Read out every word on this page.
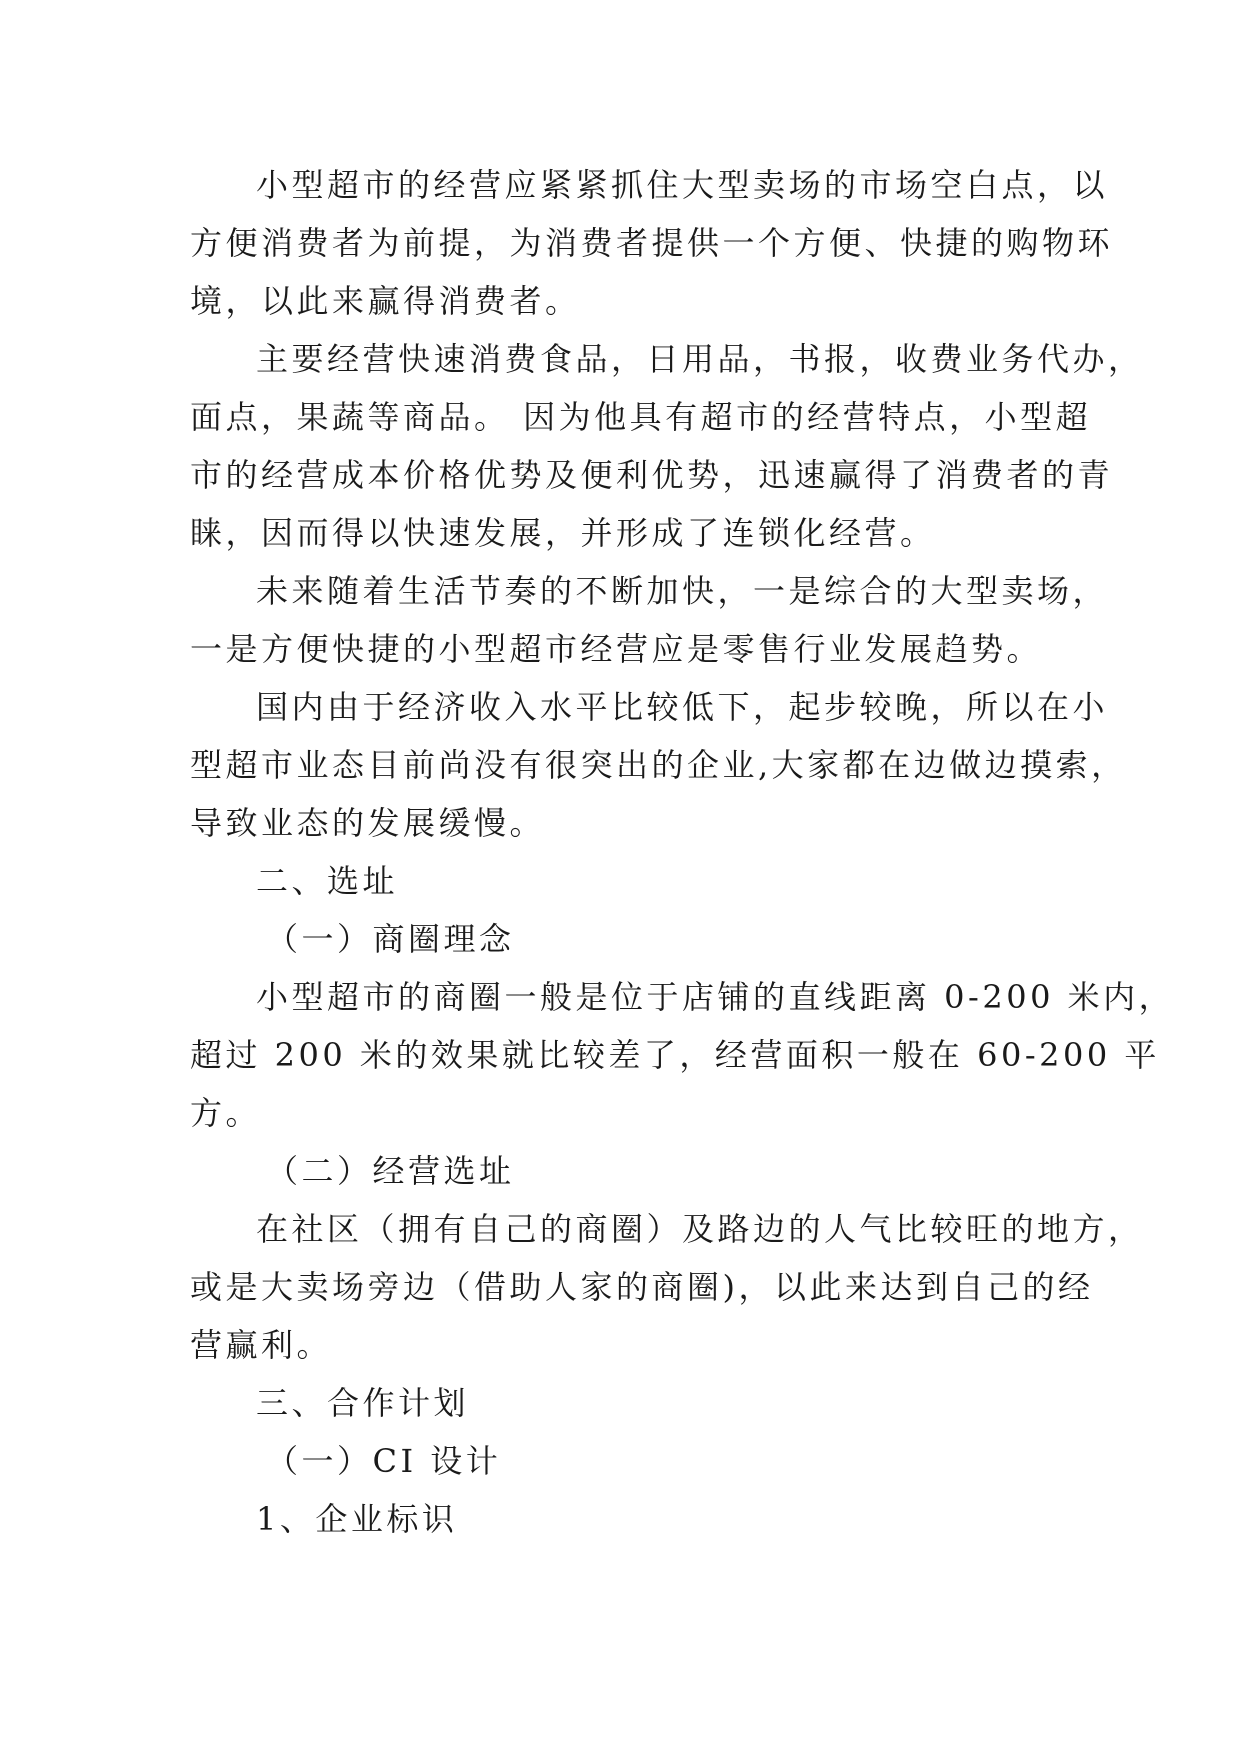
小型超市的经营应紧紧抓住大型卖场的市场空白点，以
方便消费者为前提，为消费者提供一个方便、快捷的购物环
境，以此来赢得消费者。
主要经营快速消费食品，日用品，书报，收费业务代办，
面点，果蔬等商品。 因为他具有超市的经营特点，小型超
市的经营成本价格优势及便利优势，迅速赢得了消费者的青
睐，因而得以快速发展，并形成了连锁化经营。
未来随着生活节奏的不断加快，一是综合的大型卖场，
一是方便快捷的小型超市经营应是零售行业发展趋势。
国内由于经济收入水平比较低下，起步较晚，所以在小
型超市业态目前尚没有很突出的企业,大家都在边做边摸索，
导致业态的发展缓慢。
二、选址
（一）商圈理念
小型超市的商圈一般是位于店铺的直线距离 0-200 米内，
超过 200 米的效果就比较差了，经营面积一般在 60-200 平
方。
（二）经营选址
在社区（拥有自己的商圈）及路边的人气比较旺的地方，
或是大卖场旁边（借助人家的商圈)，以此来达到自己的经
营赢利。
三、合作计划
（一）CI 设计
1、企业标识
